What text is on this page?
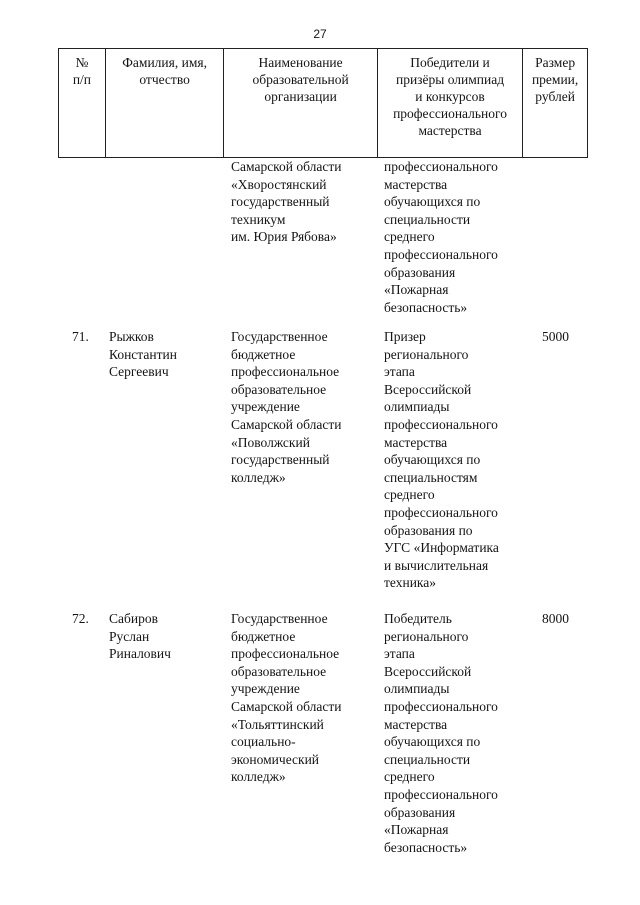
27
№
п/п
Фамилия, имя,
отчество
Наименование
образовательной
организации
Победители и
призёры олимпиад
и конкурсов
профессионального
мастерства
Размер
премии,
рублей
Самарской области
«Хворостянский
государственный
техникум
им. Юрия Рябова»
профессионального
мастерства
обучающихся по
специальности
среднего
профессионального
образования
«Пожарная
безопасность»
71. Рыжков
Константин
Сергеевич
Государственное
бюджетное
профессиональное
образовательное
учреждение
Самарской области
«Поволжский
государственный
колледж»
Призер
регионального
этапа
Всероссийской
олимпиады
профессионального
мастерства
обучающихся по
специальностям
среднего
профессионального
образования по
УГС «Информатика
и вычислительная
техника»
5000
72. Сабиров
Руслан
Риналович
Государственное
бюджетное
профессиональное
образовательное
учреждение
Самарской области
«Тольяттинский
социально-
экономический
колледж»
Победитель
регионального
этапа
Всероссийской
олимпиады
профессионального
мастерства
обучающихся по
специальности
среднего
профессионального
образования
«Пожарная
безопасность»
8000
